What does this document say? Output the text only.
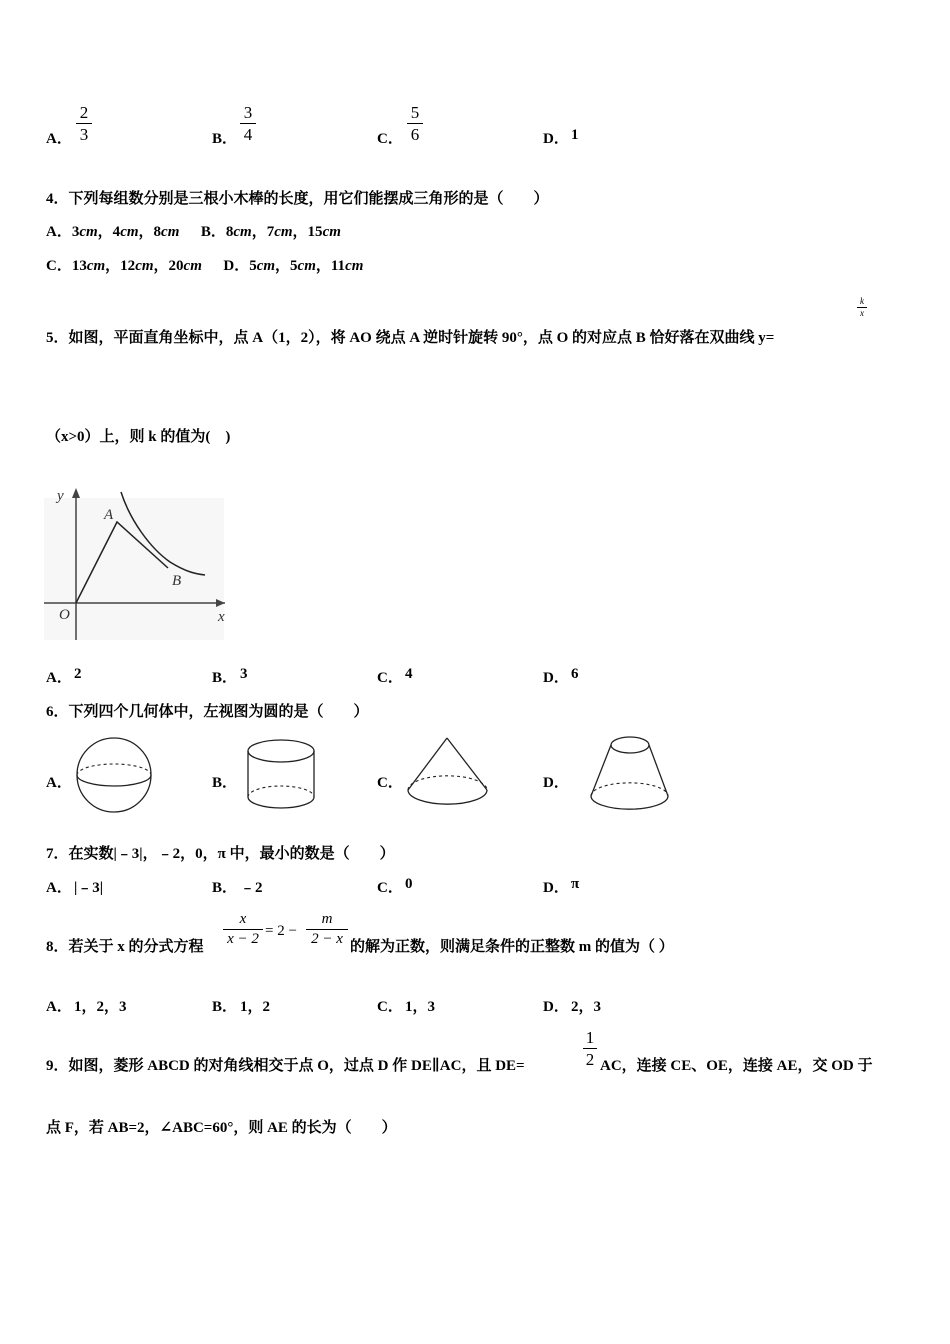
A．
2
3	B．
3
4	C．
5
6	D． 1
4．下列每组数分别是三根小木棒的长度，用它们能摆成三角形的是（　　）
A．3cm，4cm，8cm B．8cm，7cm，15cm
C．13cm，12cm，20cm D．5cm，5cm，11cm
5．如图，平面直角坐标中，点 A（1，2），将 AO 绕点 A 逆时针旋转 90°，点 O 的对应点 B 恰好落在双曲线 y=
k
x
（x>0）上，则 k 的值为(　)
y
x
O
A
B
A． 2	B． 3	C． 4	D． 6
6．下列四个几何体中，左视图为圆的是（　　）
A．	B．	C．	D．
7．在实数|﹣3|，﹣2，0，π 中，最小的数是（　　）
A． |﹣3|	B． ﹣2	C． 0	D． π
8．若关于 x 的分式方程
x
x − 2 = 2 −
m
2 − x 的解为正数，则满足条件的正整数 m 的值为（ ）
A． 1，2，3	B． 1，2	C． 1，3	D． 2，3
9．如图，菱形 ABCD 的对角线相交于点 O，过点 D 作 DE∥AC，且 DE=
1
2 AC，连接 CE、OE，连接 AE，交 OD 于
点 F，若 AB=2，∠ABC=60°，则 AE 的长为（　　）
